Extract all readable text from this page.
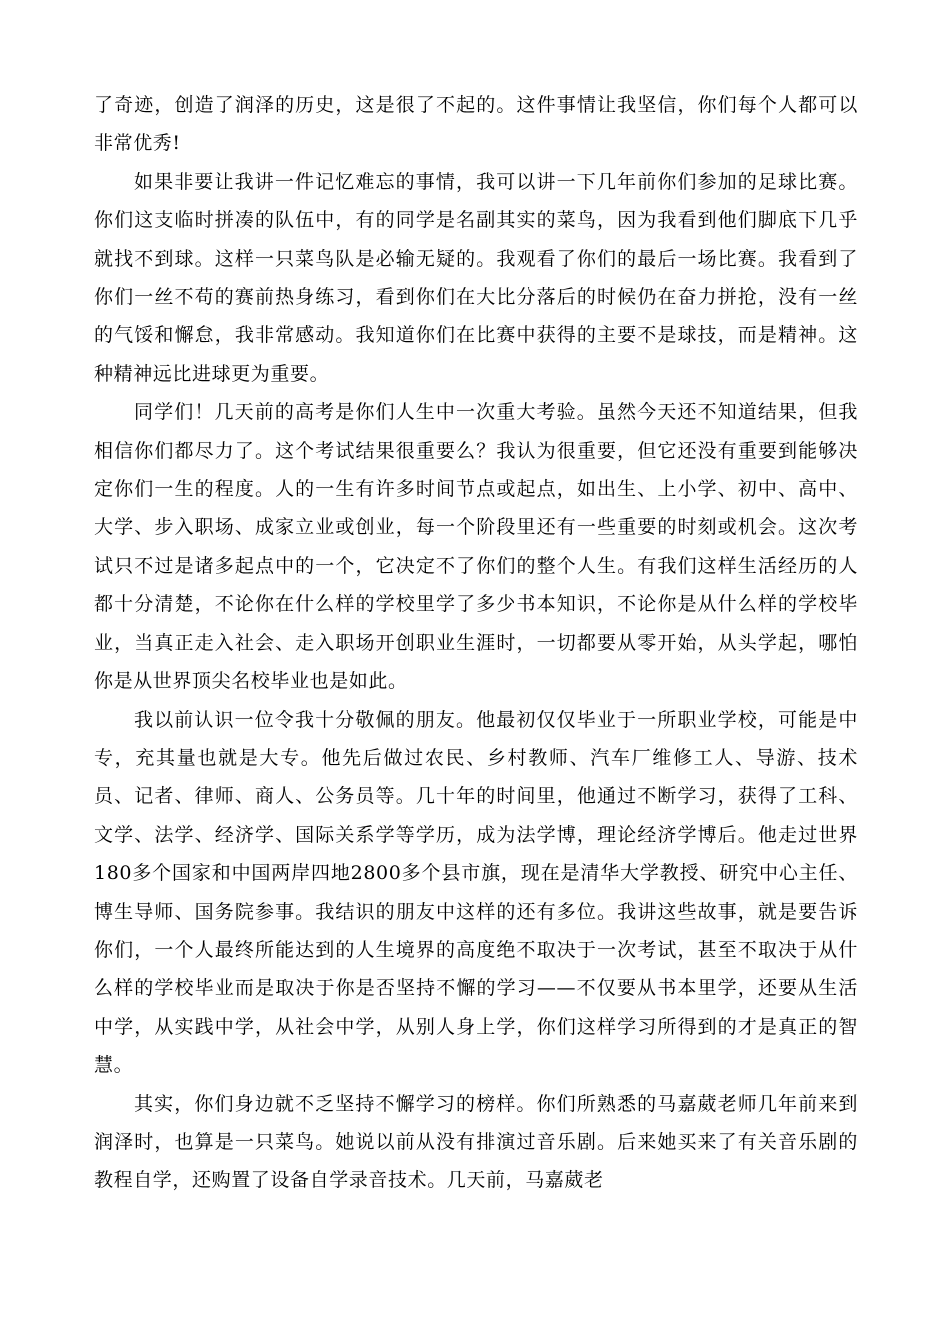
了奇迹，创造了润泽的历史，这是很了不起的。这件事情让我坚信，你们每个人都可以非常优秀!

如果非要让我讲一件记忆难忘的事情，我可以讲一下几年前你们参加的足球比赛。你们这支临时拼凑的队伍中，有的同学是名副其实的菜鸟，因为我看到他们脚底下几乎就找不到球。这样一只菜鸟队是必输无疑的。我观看了你们的最后一场比赛。我看到了你们一丝不苟的赛前热身练习，看到你们在大比分落后的时候仍在奋力拼抢，没有一丝的气馁和懈怠，我非常感动。我知道你们在比赛中获得的主要不是球技，而是精神。这种精神远比进球更为重要。

同学们！几天前的高考是你们人生中一次重大考验。虽然今天还不知道结果，但我相信你们都尽力了。这个考试结果很重要么？我认为很重要，但它还没有重要到能够决定你们一生的程度。人的一生有许多时间节点或起点，如出生、上小学、初中、高中、大学、步入职场、成家立业或创业，每一个阶段里还有一些重要的时刻或机会。这次考试只不过是诸多起点中的一个，它决定不了你们的整个人生。有我们这样生活经历的人都十分清楚，不论你在什么样的学校里学了多少书本知识，不论你是从什么样的学校毕业，当真正走入社会、走入职场开创职业生涯时，一切都要从零开始，从头学起，哪怕你是从世界顶尖名校毕业也是如此。

我以前认识一位令我十分敬佩的朋友。他最初仅仅毕业于一所职业学校，可能是中专，充其量也就是大专。他先后做过农民、乡村教师、汽车厂维修工人、导游、技术员、记者、律师、商人、公务员等。几十年的时间里，他通过不断学习，获得了工科、文学、法学、经济学、国际关系学等学历，成为法学博，理论经济学博后。他走过世界180多个国家和中国两岸四地2800多个县市旗，现在是清华大学教授、研究中心主任、博生导师、国务院参事。我结识的朋友中这样的还有多位。我讲这些故事，就是要告诉你们，一个人最终所能达到的人生境界的高度绝不取决于一次考试，甚至不取决于从什么样的学校毕业而是取决于你是否坚持不懈的学习——不仅要从书本里学，还要从生活中学，从实践中学，从社会中学，从别人身上学，你们这样学习所得到的才是真正的智慧。

其实，你们身边就不乏坚持不懈学习的榜样。你们所熟悉的马嘉葳老师几年前来到润泽时，也算是一只菜鸟。她说以前从没有排演过音乐剧。后来她买来了有关音乐剧的教程自学，还购置了设备自学录音技术。几天前，马嘉葳老
